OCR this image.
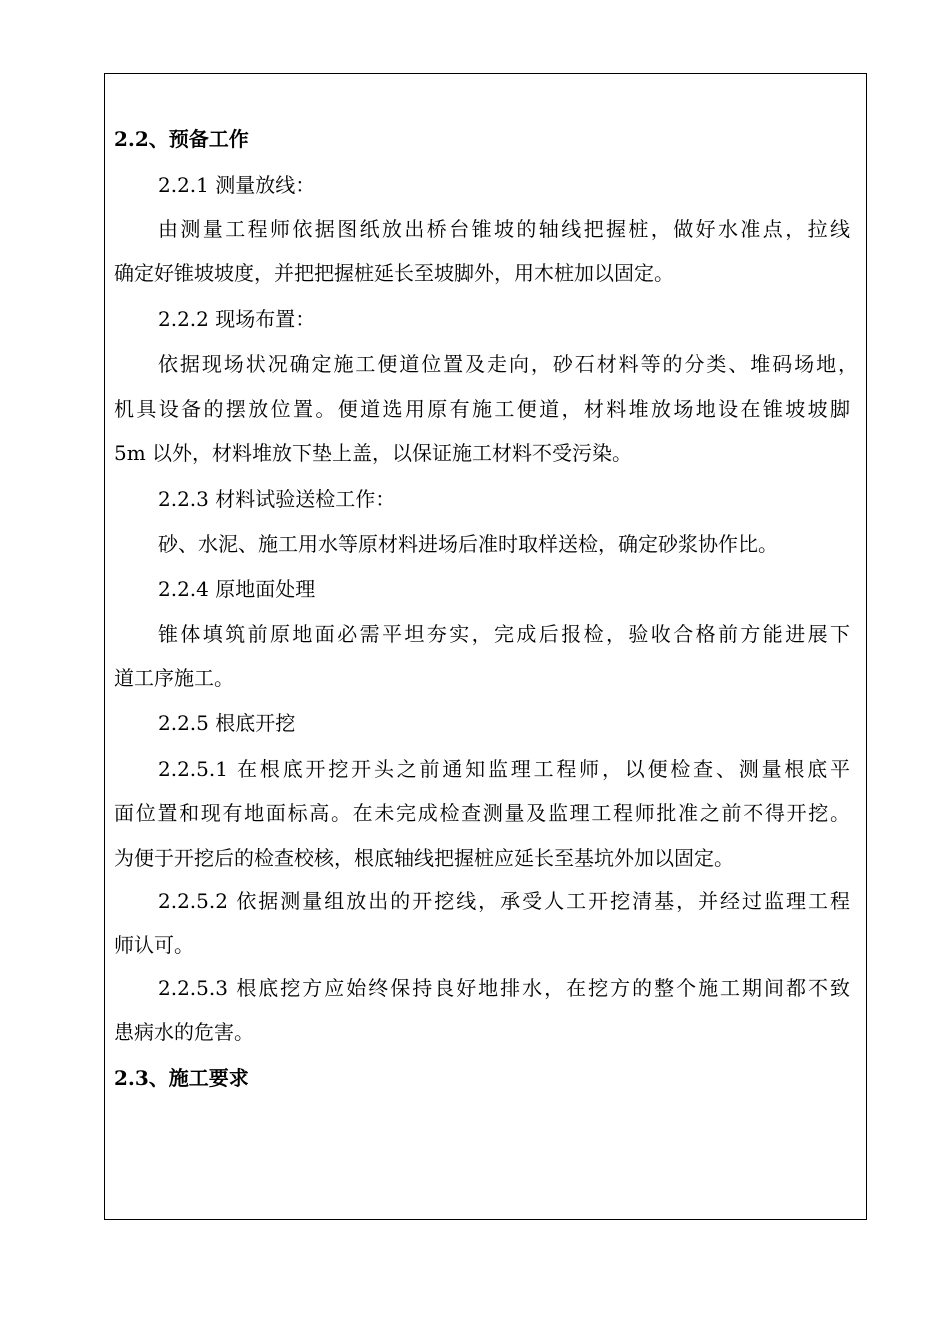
2.2、预备工作
2.2.1 测量放线：
由测量工程师依据图纸放出桥台锥坡的轴线把握桩，做好水准点，拉线
确定好锥坡坡度，并把把握桩延长至坡脚外，用木桩加以固定。
2.2.2 现场布置：
依据现场状况确定施工便道位置及走向，砂石材料等的分类、堆码场地，
机具设备的摆放位置。便道选用原有施工便道，材料堆放场地设在锥坡坡脚
5m 以外，材料堆放下垫上盖，以保证施工材料不受污染。
2.2.3 材料试验送检工作：
砂、水泥、施工用水等原材料进场后准时取样送检，确定砂浆协作比。
2.2.4 原地面处理
锥体填筑前原地面必需平坦夯实，完成后报检，验收合格前方能进展下
道工序施工。
2.2.5 根底开挖
2.2.5.1 在根底开挖开头之前通知监理工程师，以便检查、测量根底平
面位置和现有地面标高。在未完成检查测量及监理工程师批准之前不得开挖。
为便于开挖后的检查校核，根底轴线把握桩应延长至基坑外加以固定。
2.2.5.2 依据测量组放出的开挖线，承受人工开挖清基，并经过监理工程
师认可。
2.2.5.3 根底挖方应始终保持良好地排水，在挖方的整个施工期间都不致
患病水的危害。
2.3、施工要求
